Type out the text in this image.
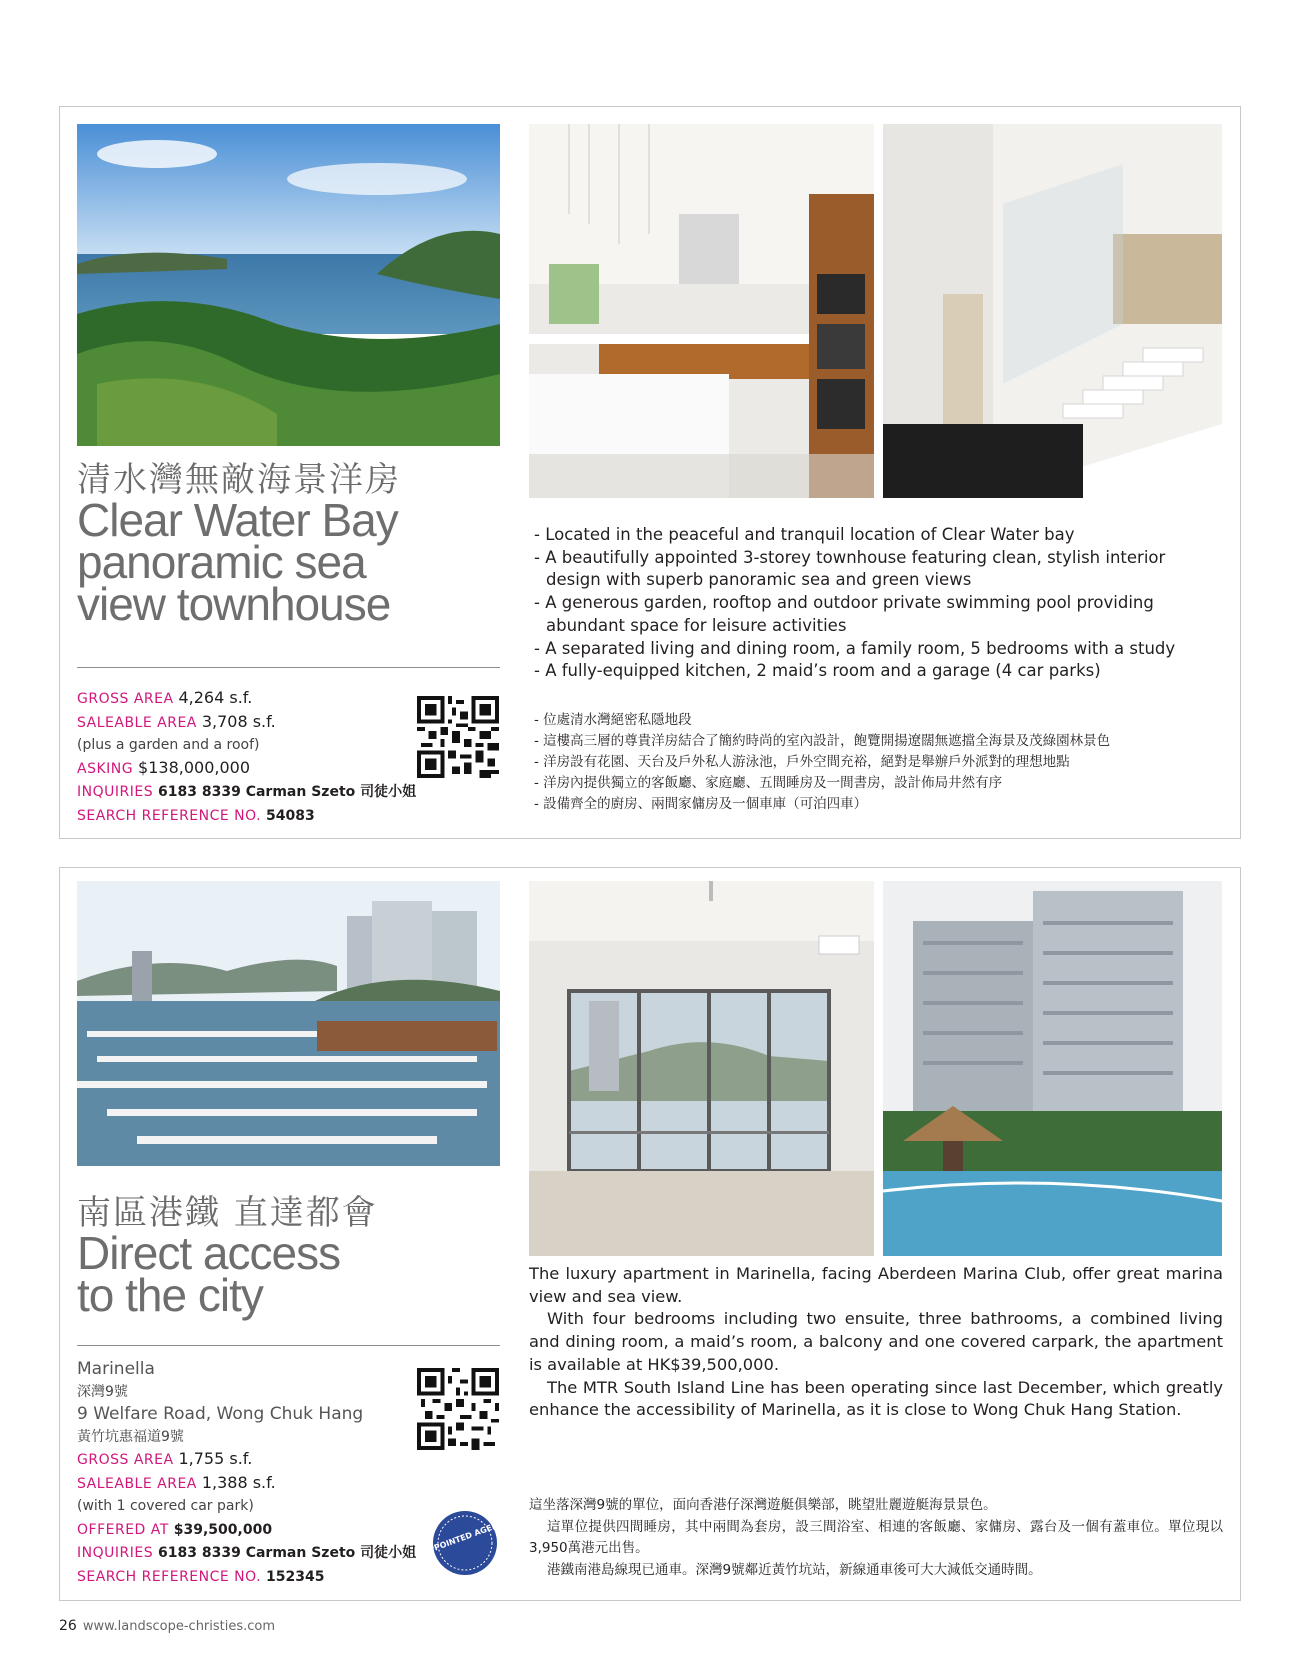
清水灣無敵海景洋房
Clear Water Bay
panoramic sea
view townhouse
GROSS AREA 4,264 s.f.
SALEABLE AREA 3,708 s.f.
(plus a garden and a roof)
ASKING $138,000,000
INQUIRIES 6183 8339 Carman Szeto 司徒小姐
SEARCH REFERENCE NO. 54083
- Located in the peaceful and tranquil location of Clear Water bay
- A beautifully appointed 3-storey townhouse featuring clean, stylish interior design with superb panoramic sea and green views
- A generous garden, rooftop and outdoor private swimming pool providing abundant space for leisure activities
- A separated living and dining room, a family room, 5 bedrooms with a study
- A fully-equipped kitchen, 2 maid’s room and a garage (4 car parks)
- 位處清水灣絕密私隱地段
- 這樓高三層的尊貴洋房結合了簡約時尚的室內設計，飽覽開揚遼闊無遮擋全海景及茂綠園林景色
- 洋房設有花園、天台及戶外私人游泳池，戶外空間充裕，絕對是舉辦戶外派對的理想地點
- 洋房內提供獨立的客飯廳、家庭廳、五間睡房及一間書房，設計佈局井然有序
- 設備齊全的廚房、兩間家傭房及一個車庫（可泊四車）
南區港鐵 直達都會
Direct access
to the city
Marinella
深灣9號
9 Welfare Road, Wong Chuk Hang
黃竹坑惠福道9號
GROSS AREA 1,755 s.f.
SALEABLE AREA 1,388 s.f.
(with 1 covered car park)
OFFERED AT $39,500,000
INQUIRIES 6183 8339 Carman Szeto 司徒小姐
SEARCH REFERENCE NO. 152345
APPOINTED AGENT

The luxury apartment in Marinella, facing Aberdeen Marina Club, offer great marina view and sea view.

With four bedrooms including two ensuite, three bathrooms, a combined living and dining room, a maid’s room, a balcony and one covered carpark, the apartment is available at HK$39,500,000.

The MTR South Island Line has been operating since last December, which greatly enhance the accessibility of Marinella, as it is close to Wong Chuk Hang Station.

這坐落深灣9號的單位，面向香港仔深灣遊艇俱樂部，眺望壯麗遊艇海景景色。

這單位提供四間睡房，其中兩間為套房，設三間浴室、相連的客飯廳、家傭房、露台及一個有蓋車位。單位現以3,950萬港元出售。

港鐵南港島線現已通車。深灣9號鄰近黃竹坑站，新線通車後可大大減低交通時間。

26 www.landscope-christies.com
